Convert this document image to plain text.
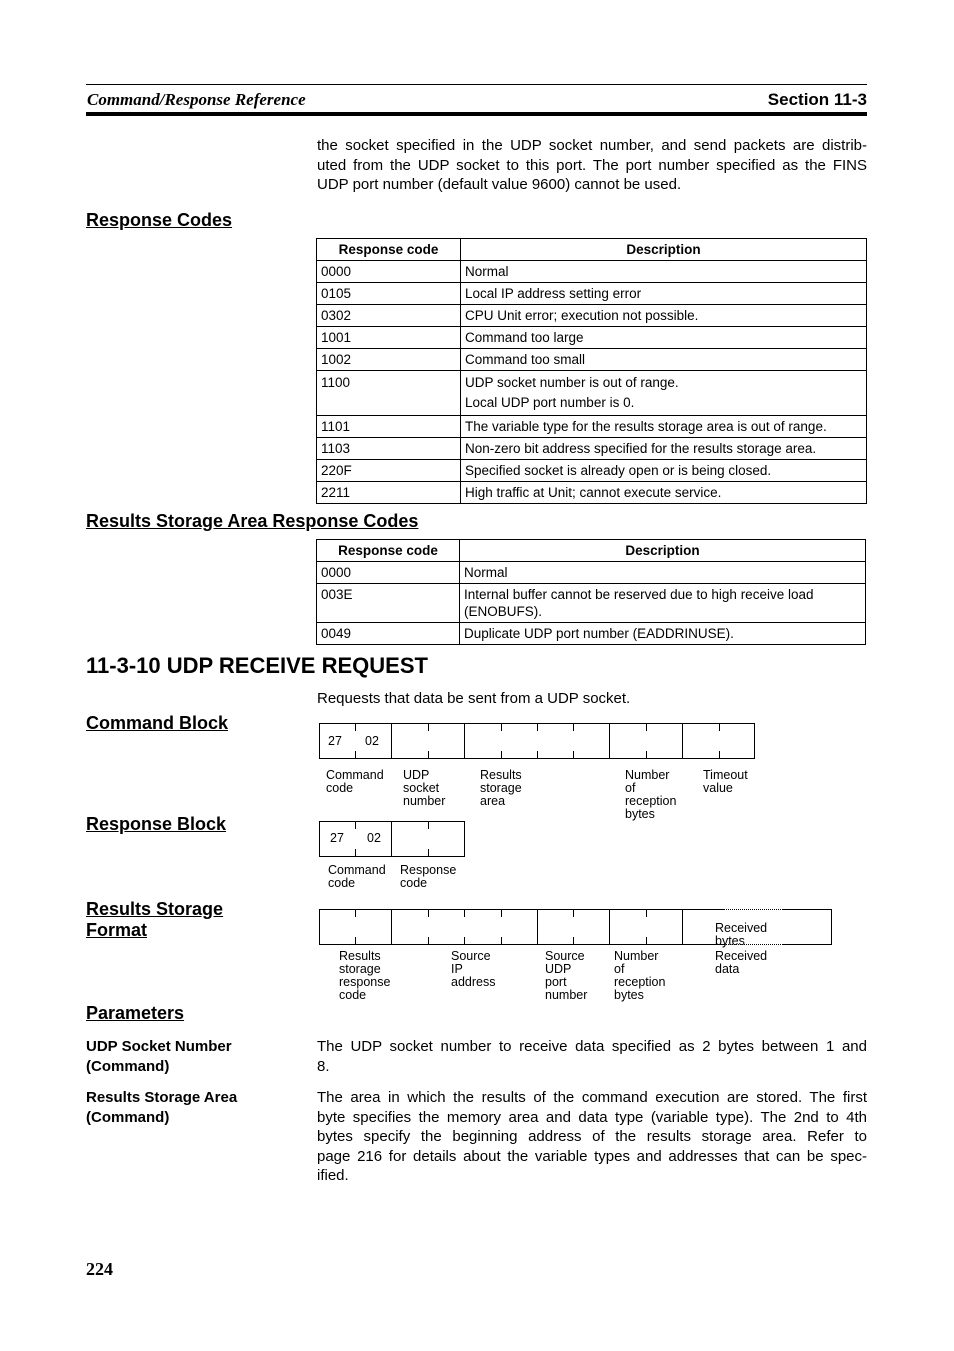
Command/Response Reference	Section 11-3
the socket specified in the UDP socket number, and send packets are distrib-
uted from the UDP socket to this port. The port number specified as the FINS
UDP port number (default value 9600) cannot be used.
Response Codes
Response code	Description
0000	Normal
0105	Local IP address setting error
0302	CPU Unit error; execution not possible.
1001	Command too large
1002	Command too small
1100	UDP socket number is out of range.
Local UDP port number is 0.

1101	The variable type for the results storage area is out of range.
1103	Non-zero bit address specified for the results storage area.
220F	Specified socket is already open or is being closed.
2211	High traffic at Unit; cannot execute service.
Results Storage Area Response Codes
Response code	Description
0000	Normal
003E	Internal buffer cannot be reserved due to high receive load
(ENOBUFS).

0049	Duplicate UDP port number (EADDRINUSE).
11-3-10 UDP RECEIVE REQUEST
Requests that data be sent from a UDP socket.
Command Block
27 02
Command
code
UDP
socket
number
Results storage area
Number of
reception
bytes
Timeout
value
Response Block
27 02
Command
code
Response
code
Results Storage
Format	Received bytes
Results
storage
response
code
Source IP
address
Source
UDP port
number
Number of
reception
bytes
Received data
Parameters
UDP Socket Number
(Command)
The UDP socket number to receive data specified as 2 bytes between 1 and
8.
Results Storage Area
(Command)
The area in which the results of the command execution are stored. The first
byte specifies the memory area and data type (variable type). The 2nd to 4th
bytes specify the beginning address of the results storage area. Refer to
page 216 for details about the variable types and addresses that can be spec-
ified.
224
